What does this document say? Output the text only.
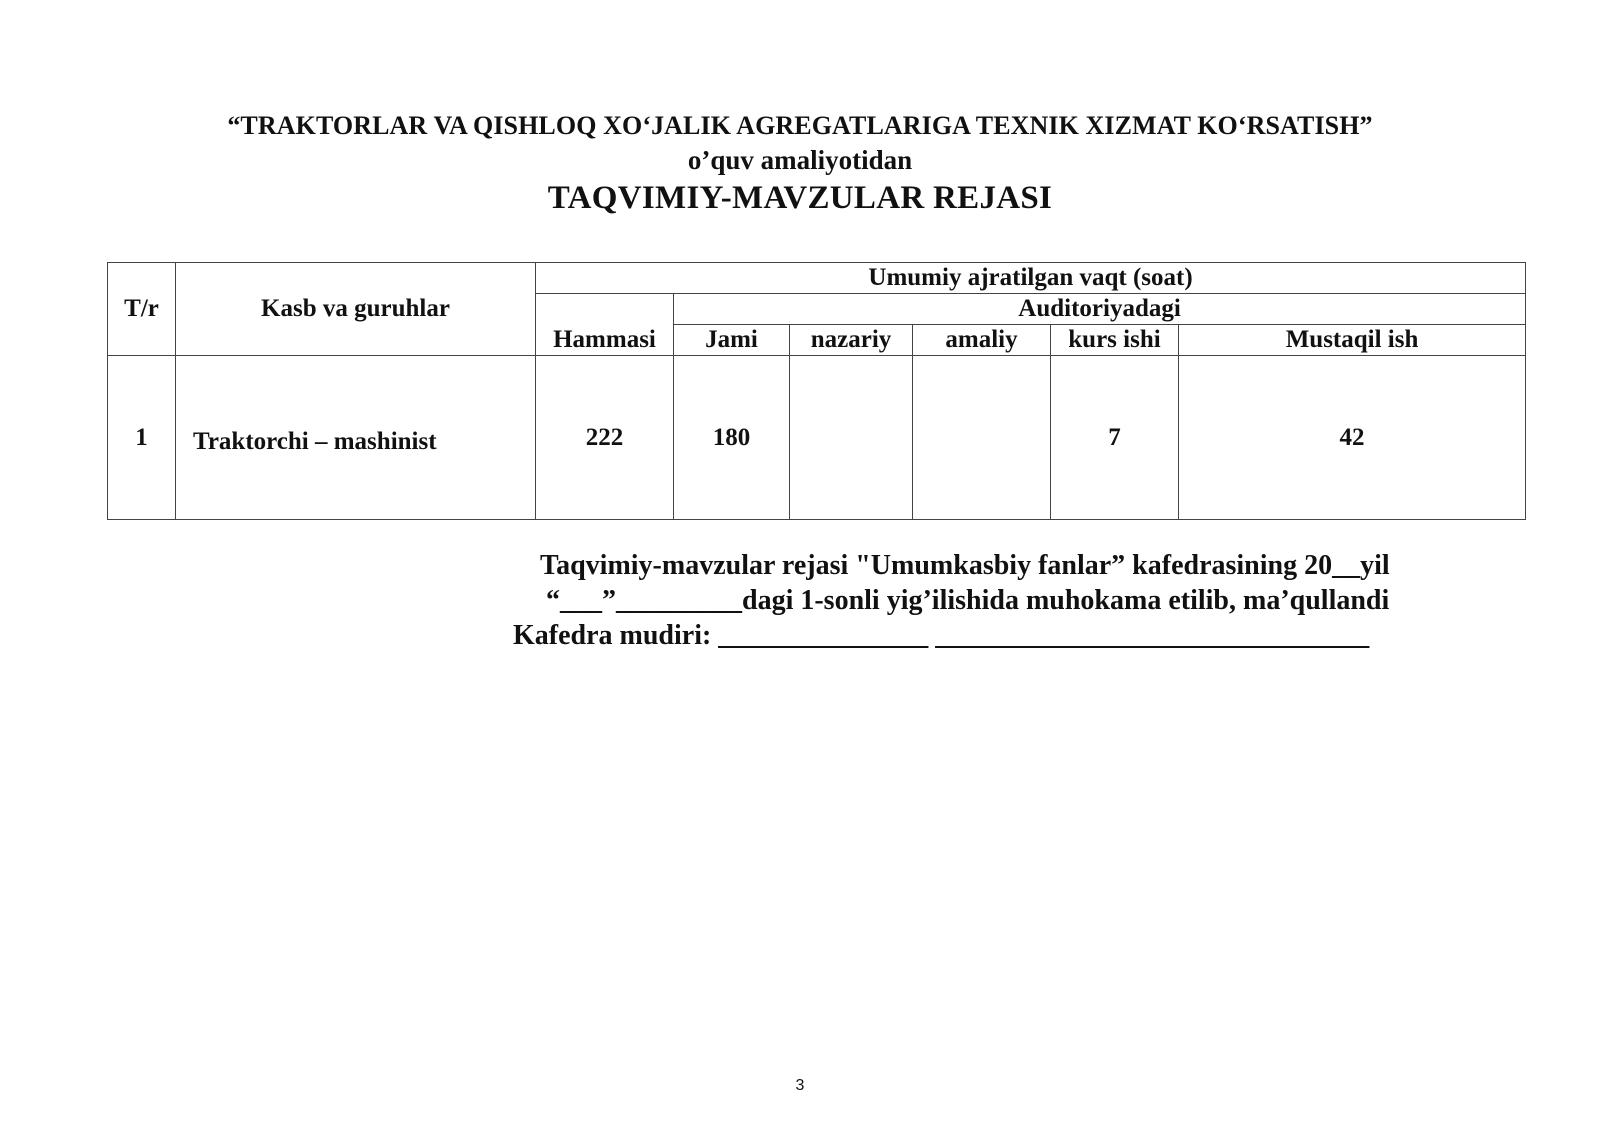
“TRAKTORLAR VA QISHLOQ XO‘JALIK AGREGATLARIGA TEXNIK XIZMAT KO‘RSATISH”
o’quv amaliyotidan
TAQVIMIY-MAVZULAR REJASI
T/r	Kasb va guruhlar	Umumiy ajratilgan vaqt (soat)					
		Hammasi	Auditoriyadagi				
			Jami	nazariy	amaliy	kurs ishi	Mustaqil ish
1	Traktorchi – mashinist	222	180			7	42
Taqvimiy-mavzular rejasi "Umumkasbiy fanlar” kafedrasining 20__yil
“___”_________dagi 1-sonli yig’ilishida muhokama etilib, ma’qullandi
Kafedra mudiri: _______________ _______________________________
3
